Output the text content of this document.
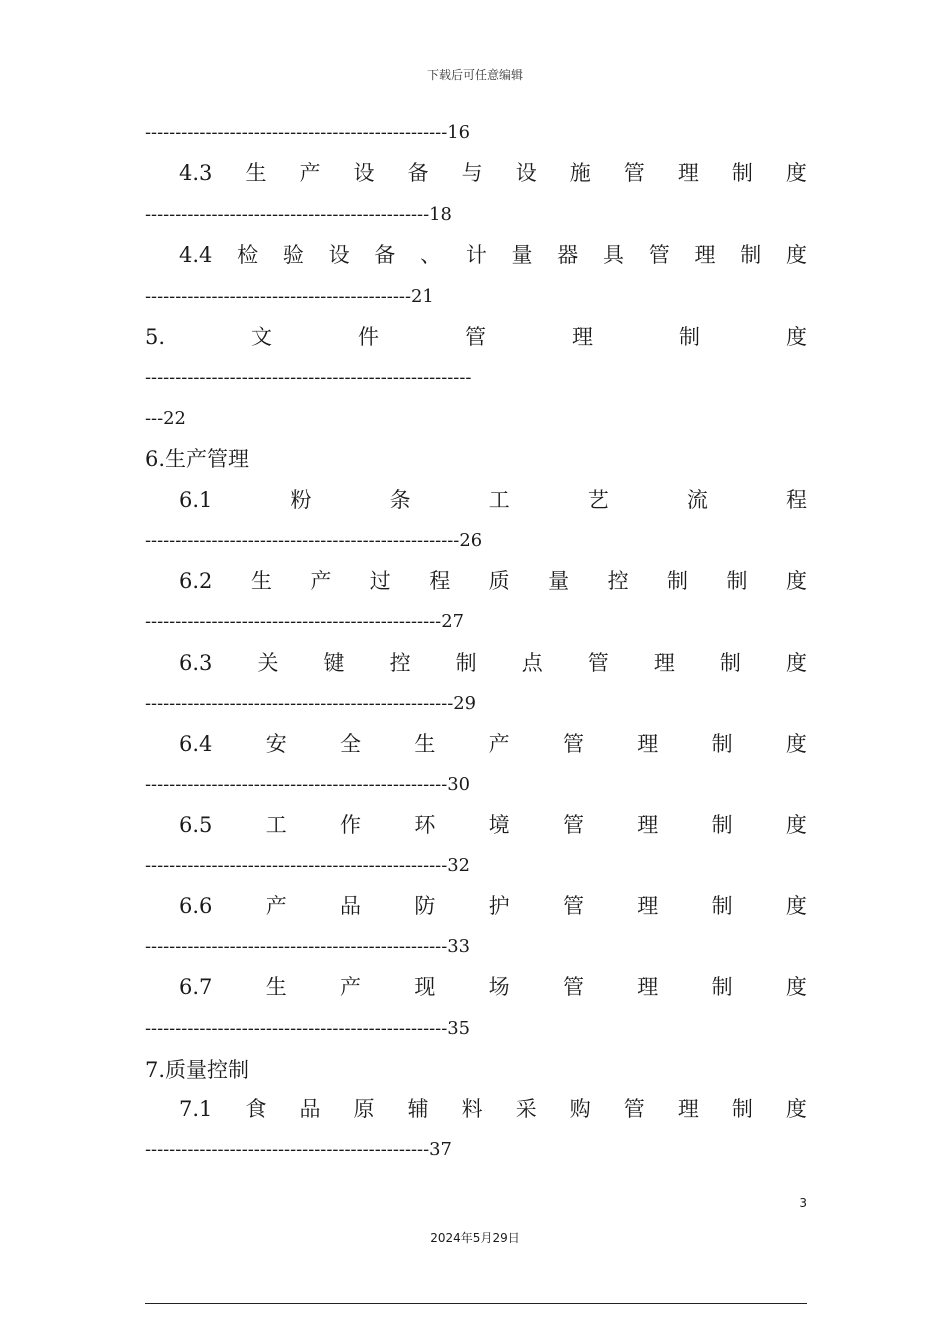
下载后可任意编辑
--------------------------------------------------16
4.3 生 产 设 备 与 设 施 管 理 制 度
-----------------------------------------------18
4.4 检 验 设 备 、 计 量 器 具 管 理 制 度
--------------------------------------------21
5.	文	件	管	理	制	度
------------------------------------------------------
---22
6.生产管理
6.1	粉	条	工	艺	流	程
----------------------------------------------------26
6.2 生 产 过 程 质 量 控 制 制 度
-------------------------------------------------27
6.3 关 键 控 制 点 管 理 制 度
---------------------------------------------------29
6.4	安	全	生	产	管	理	制	度
--------------------------------------------------30
6.5	工	作	环	境	管	理	制	度
--------------------------------------------------32
6.6	产	品	防	护	管	理	制	度
--------------------------------------------------33
6.7	生	产	现	场	管	理	制	度
--------------------------------------------------35
7.质量控制
7.1 食 品 原 辅 料 采 购 管 理 制 度
-----------------------------------------------37
3
2024年5月29日
